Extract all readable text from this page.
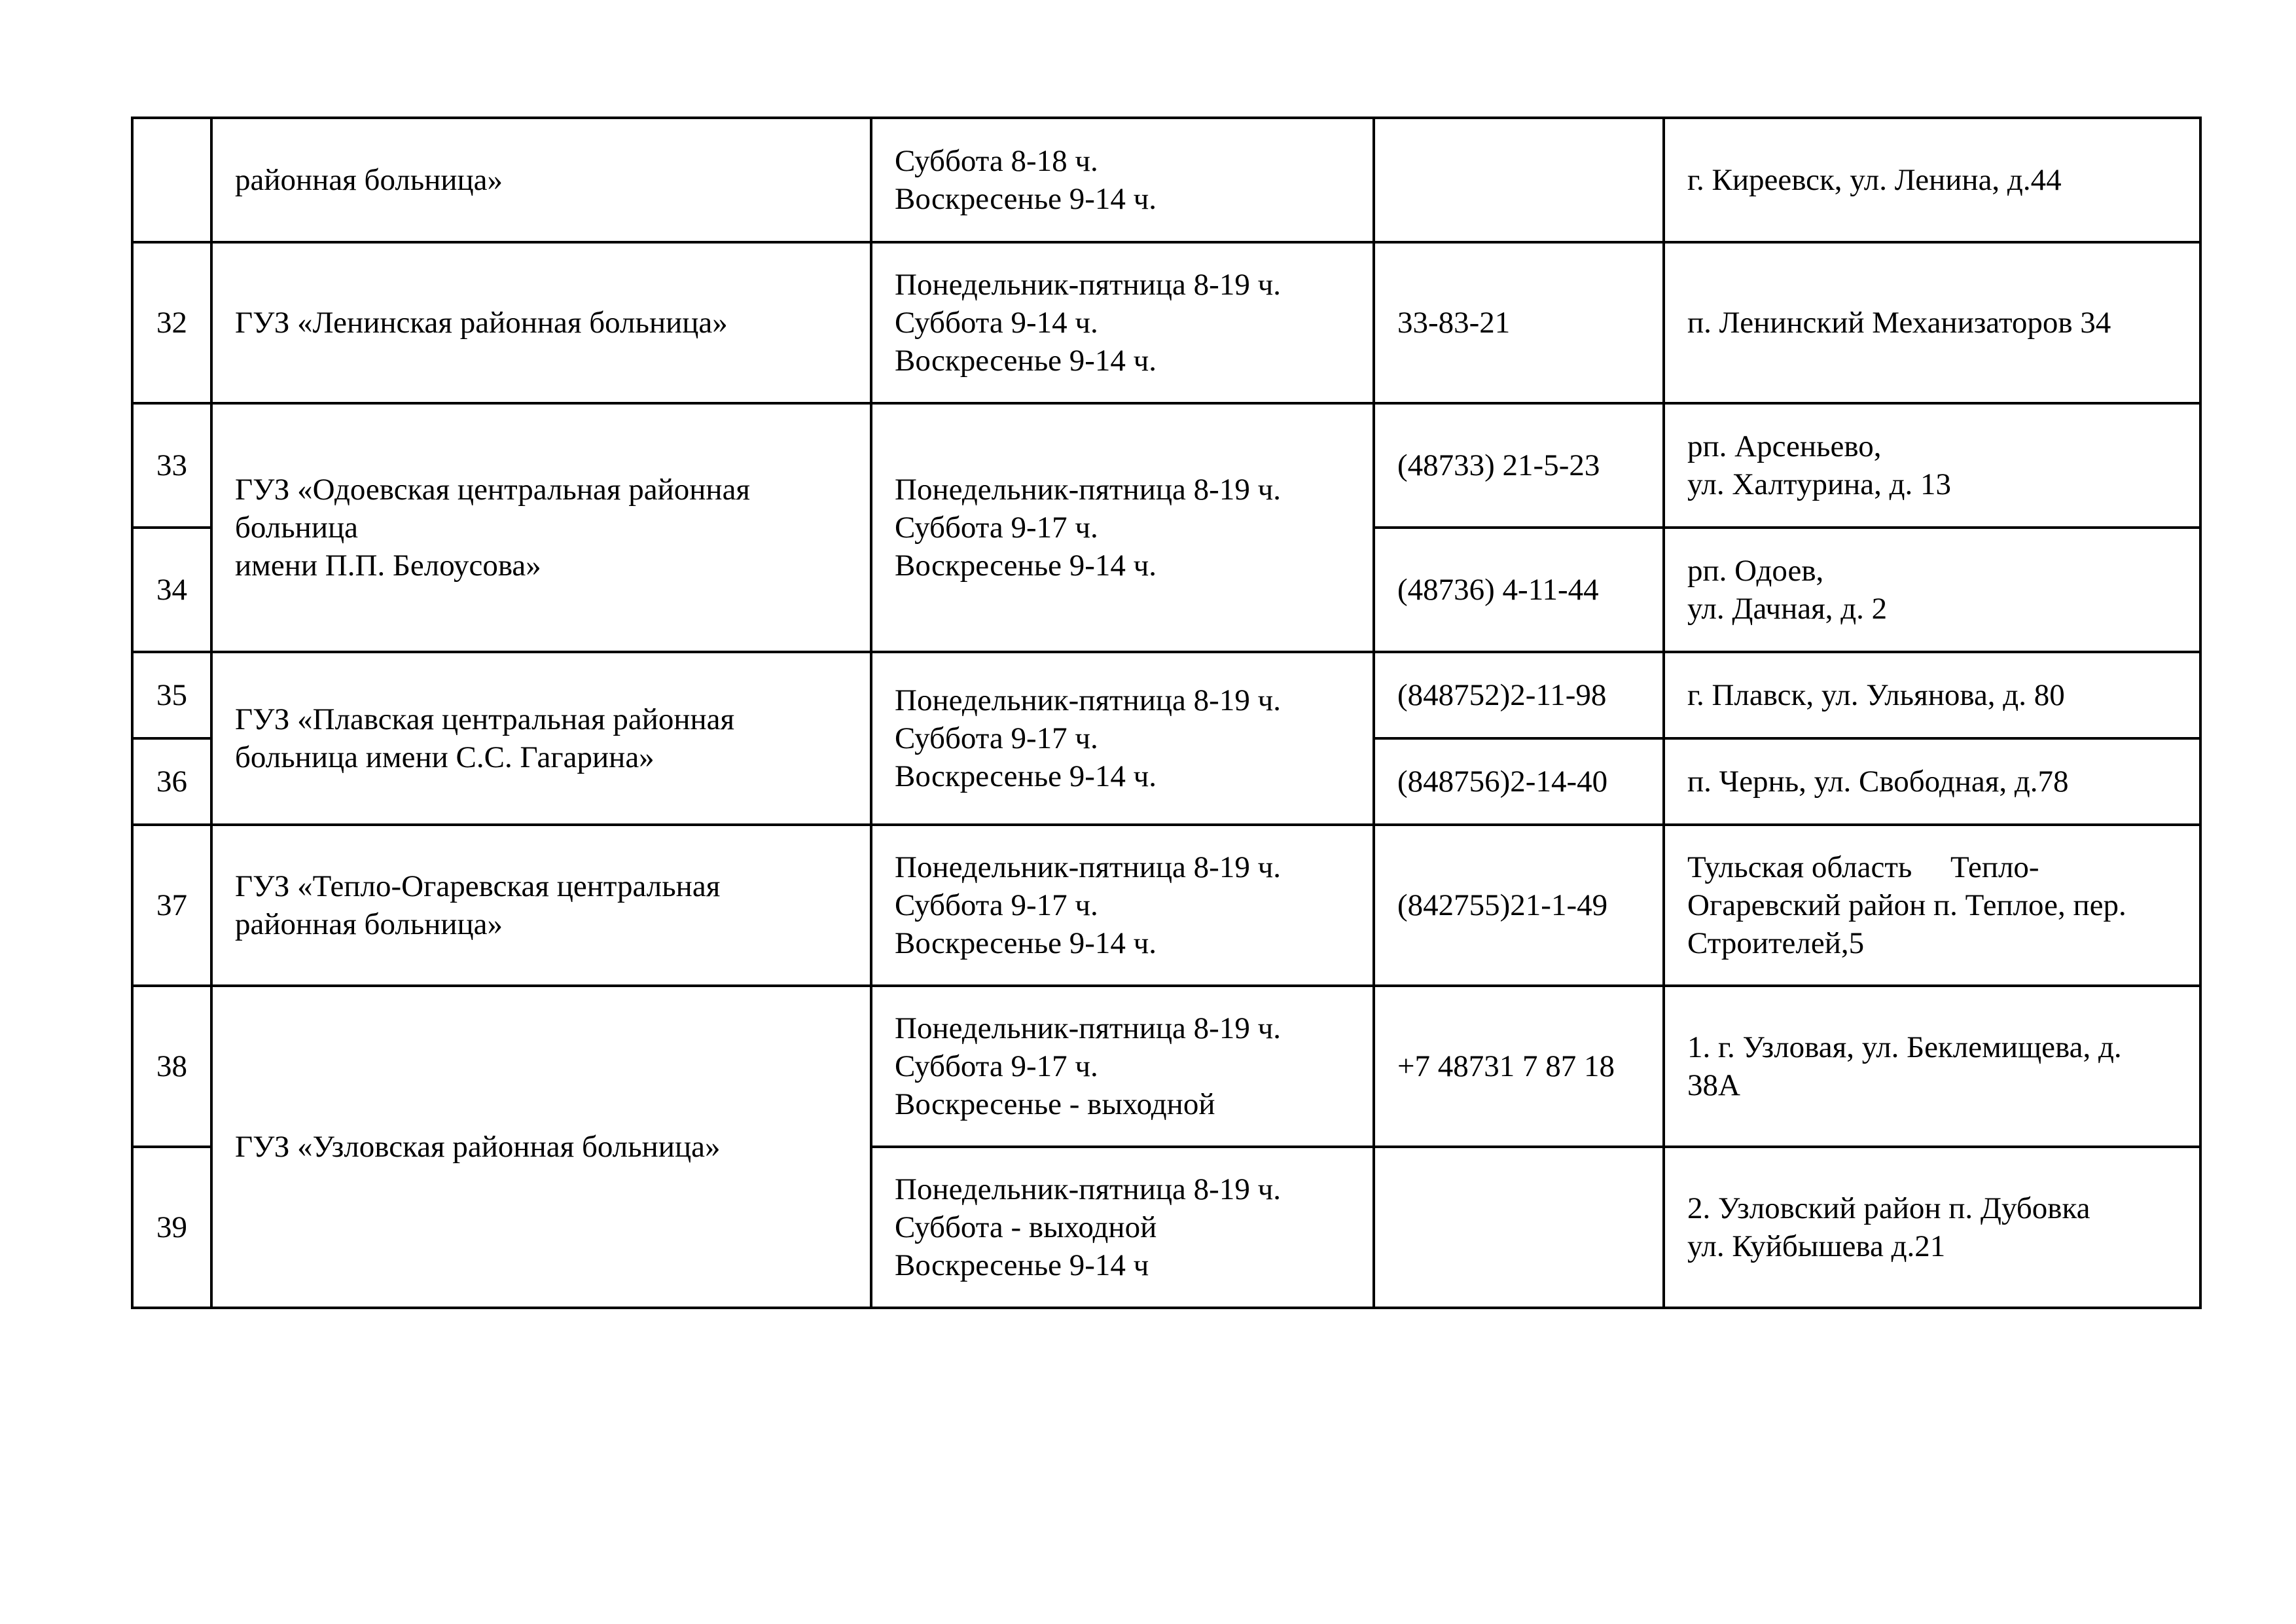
	районная больница»	Суббота 8-18 ч.
Воскресенье 9-14 ч.		г. Киреевск, ул. Ленина, д.44

32	ГУЗ «Ленинская районная больница»	Понедельник-пятница 8-19 ч.
Суббота 9-14 ч.
Воскресенье 9-14 ч.	33-83-21	п. Ленинский Механизаторов 34

33	ГУЗ «Одоевская центральная районная
больница
имени П.П. Белоусова»	Понедельник-пятница 8-19 ч.
Суббота 9-17 ч.
Воскресенье 9-14 ч.	(48733) 21-5-23	рп. Арсеньево,
ул. Халтурина, д. 13

34			(48736) 4-11-44	рп. Одоев,
ул. Дачная, д. 2

35	ГУЗ «Плавская центральная районная
больница имени С.С. Гагарина»	Понедельник-пятница 8-19 ч.
Суббота 9-17 ч.
Воскресенье 9-14 ч.	(848752)2-11-98	г. Плавск, ул. Ульянова, д. 80

36			(848756)2-14-40	п. Чернь, ул. Свободная, д.78

37	ГУЗ «Тепло-Огаревская центральная
районная больница»	Понедельник-пятница 8-19 ч.
Суббота 9-17 ч.
Воскресенье 9-14 ч.	(842755)21-1-49	Тульская область     Тепло-
Огаревский район п. Теплое, пер.
Строителей,5

38	ГУЗ «Узловская районная больница»	Понедельник-пятница 8-19 ч.
Суббота 9-17 ч.
Воскресенье - выходной	+7 48731 7 87 18	1. г. Узловая, ул. Беклемищева, д.
38А

39		Понедельник-пятница 8-19 ч.
Суббота - выходной
Воскресенье 9-14 ч		2. Узловский район п. Дубовка
ул. Куйбышева д.21
